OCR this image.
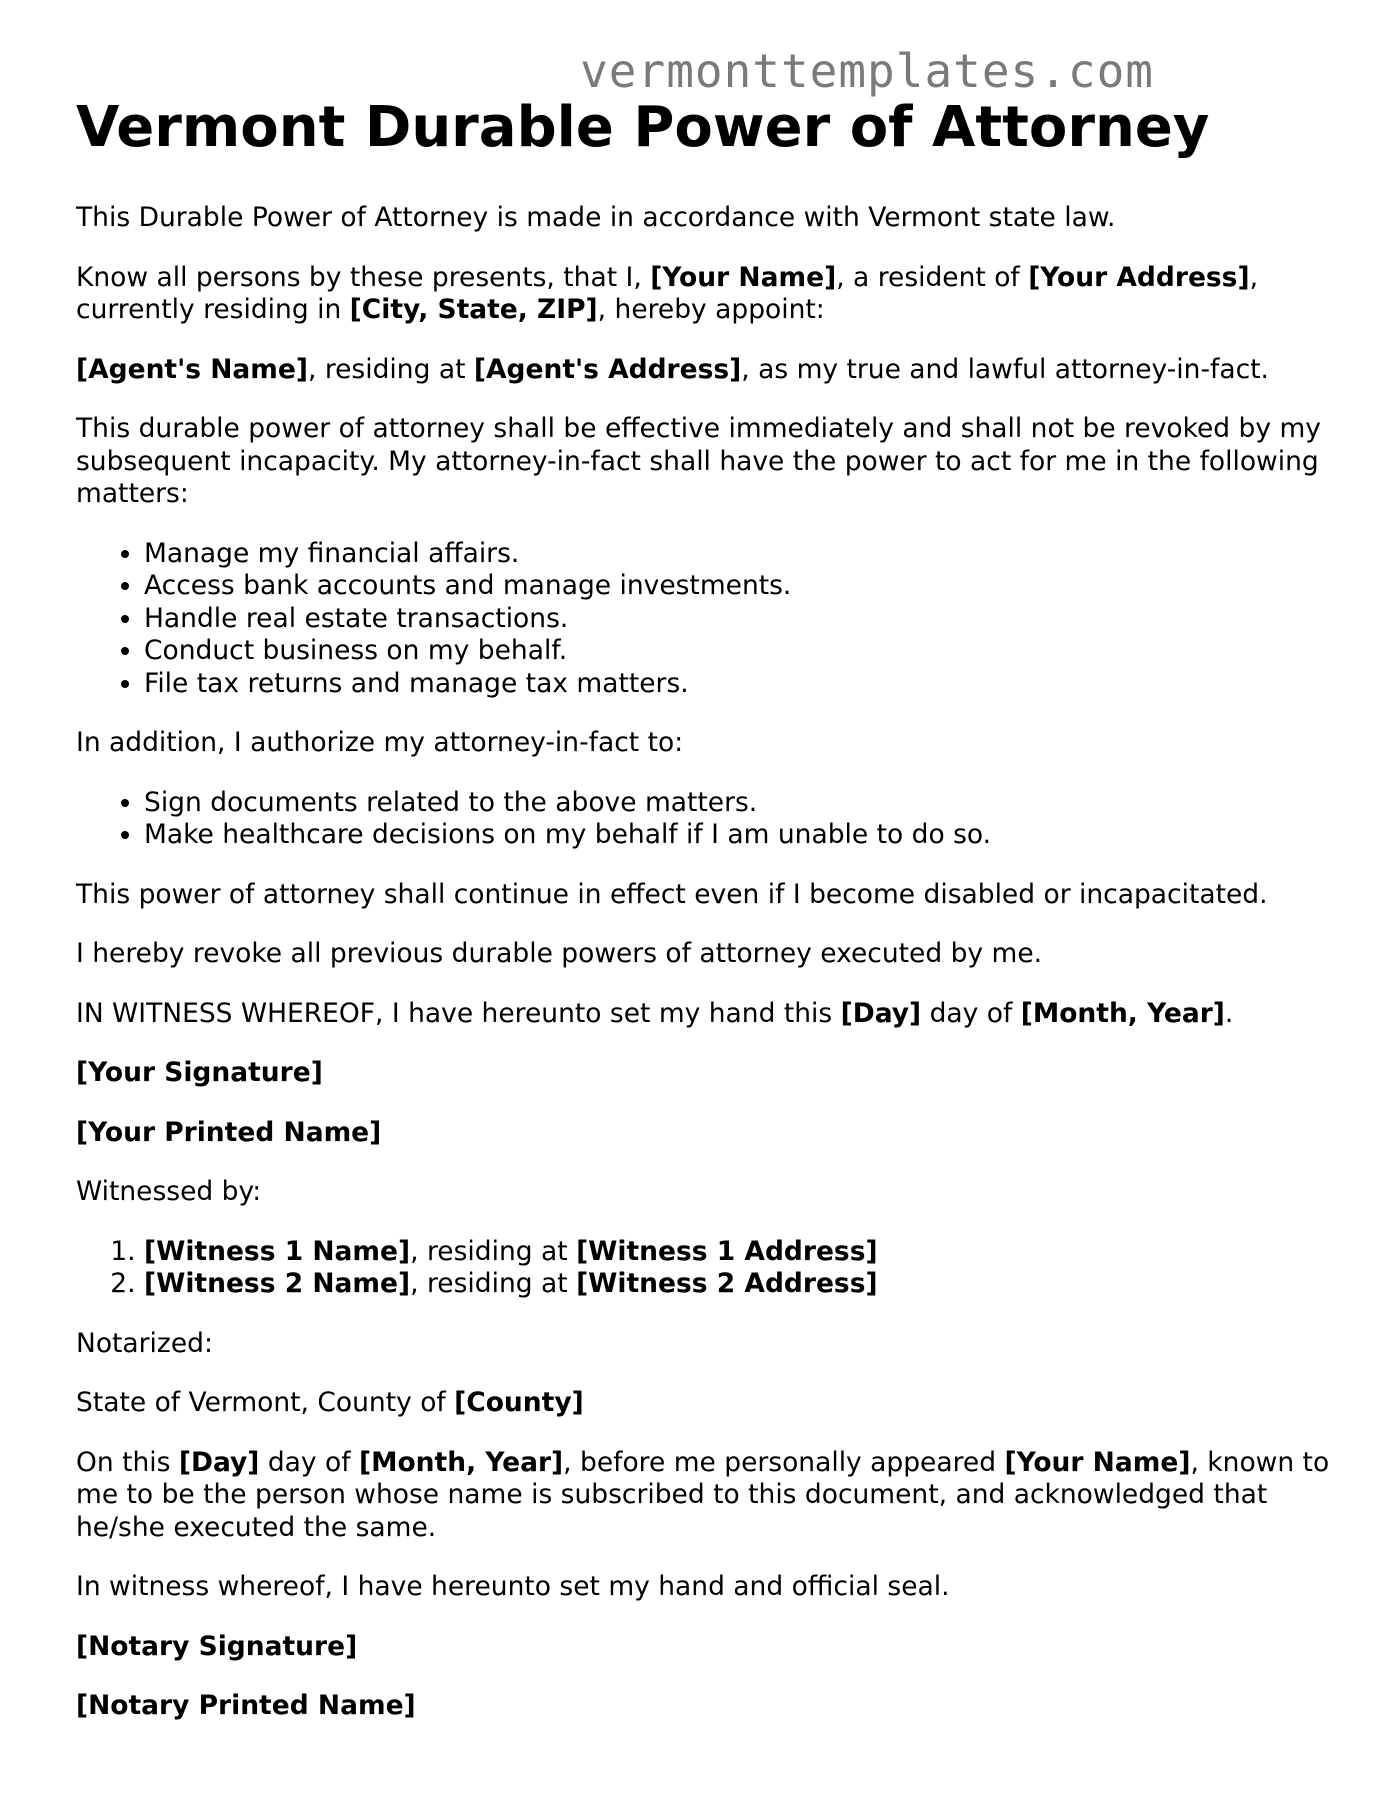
vermonttemplates.com
Vermont Durable Power of Attorney

This Durable Power of Attorney is made in accordance with Vermont state law.

Know all persons by these presents, that I, [Your Name], a resident of [Your Address], currently residing in [City, State, ZIP], hereby appoint:

[Agent's Name], residing at [Agent's Address], as my true and lawful attorney-in-fact.

This durable power of attorney shall be effective immediately and shall not be revoked by my subsequent incapacity. My attorney-in-fact shall have the power to act for me in the following matters:

• Manage my financial affairs.
• Access bank accounts and manage investments.
• Handle real estate transactions.
• Conduct business on my behalf.
• File tax returns and manage tax matters.

In addition, I authorize my attorney-in-fact to:

• Sign documents related to the above matters.
• Make healthcare decisions on my behalf if I am unable to do so.

This power of attorney shall continue in effect even if I become disabled or incapacitated.

I hereby revoke all previous durable powers of attorney executed by me.

IN WITNESS WHEREOF, I have hereunto set my hand this [Day] day of [Month, Year].

[Your Signature]

[Your Printed Name]

Witnessed by:

1. [Witness 1 Name], residing at [Witness 1 Address]
2. [Witness 2 Name], residing at [Witness 2 Address]

Notarized:

State of Vermont, County of [County]

On this [Day] day of [Month, Year], before me personally appeared [Your Name], known to me to be the person whose name is subscribed to this document, and acknowledged that he/she executed the same.

In witness whereof, I have hereunto set my hand and official seal.

[Notary Signature]

[Notary Printed Name]
